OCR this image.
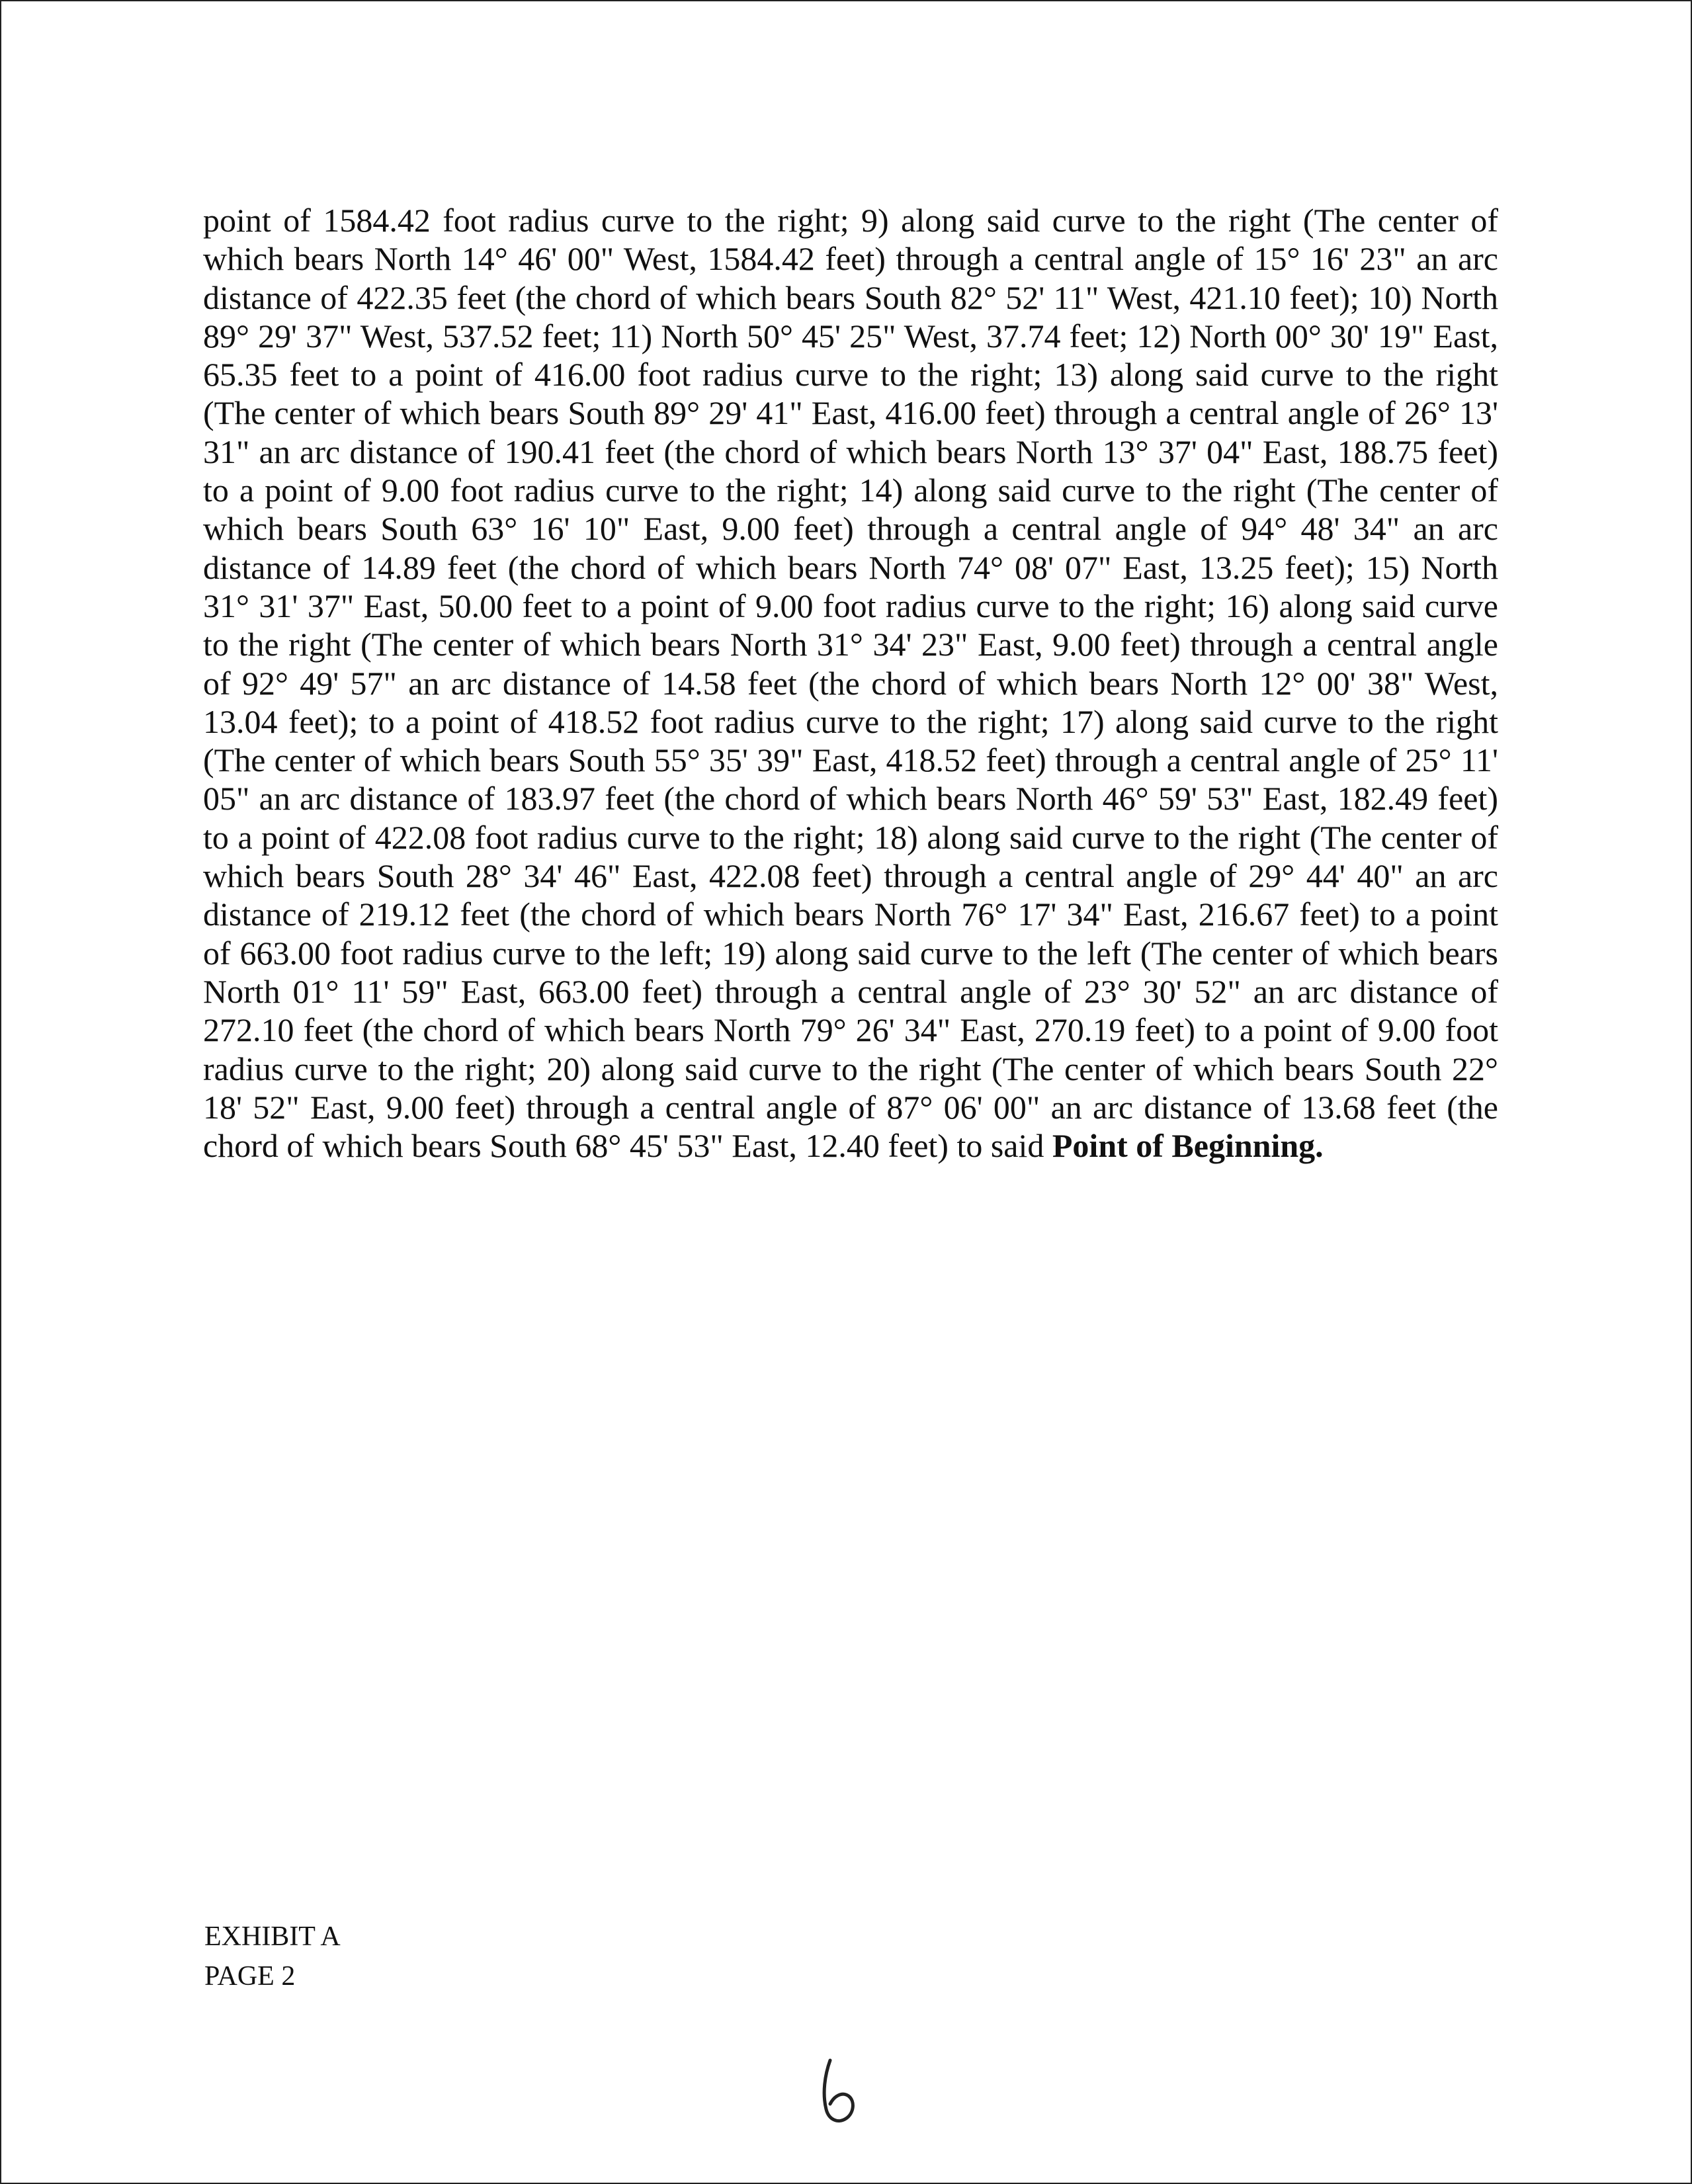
point of 1584.42 foot radius curve to the right; 9) along said curve to the right (The center of which bears North 14° 46' 00" West, 1584.42 feet) through a central angle of 15° 16' 23" an arc distance of 422.35 feet (the chord of which bears South 82° 52' 11" West, 421.10 feet); 10) North 89° 29' 37" West, 537.52 feet; 11) North 50° 45' 25" West, 37.74 feet; 12) North 00° 30' 19" East, 65.35 feet to a point of 416.00 foot radius curve to the right; 13) along said curve to the right (The center of which bears South 89° 29' 41" East, 416.00 feet) through a central angle of 26° 13' 31" an arc distance of 190.41 feet (the chord of which bears North 13° 37' 04" East, 188.75 feet) to a point of 9.00 foot radius curve to the right; 14) along said curve to the right (The center of which bears South 63° 16' 10" East, 9.00 feet) through a central angle of 94° 48' 34" an arc distance of 14.89 feet (the chord of which bears North 74° 08' 07" East, 13.25 feet); 15) North 31° 31' 37" East, 50.00 feet to a point of 9.00 foot radius curve to the right; 16) along said curve to the right (The center of which bears North 31° 34' 23" East, 9.00 feet) through a central angle of 92° 49' 57" an arc distance of 14.58 feet (the chord of which bears North 12° 00' 38" West, 13.04 feet); to a point of 418.52 foot radius curve to the right; 17) along said curve to the right (The center of which bears South 55° 35' 39" East, 418.52 feet) through a central angle of 25° 11' 05" an arc distance of 183.97 feet (the chord of which bears North 46° 59' 53" East, 182.49 feet) to a point of 422.08 foot radius curve to the right; 18) along said curve to the right (The center of which bears South 28° 34' 46" East, 422.08 feet) through a central angle of 29° 44' 40" an arc distance of 219.12 feet (the chord of which bears North 76° 17' 34" East, 216.67 feet) to a point of 663.00 foot radius curve to the left; 19) along said curve to the left (The center of which bears North 01° 11' 59" East, 663.00 feet) through a central angle of 23° 30' 52" an arc distance of 272.10 feet (the chord of which bears North 79° 26' 34" East, 270.19 feet) to a point of 9.00 foot radius curve to the right; 20) along said curve to the right (The center of which bears South 22° 18' 52" East, 9.00 feet) through a central angle of 87° 06' 00" an arc distance of 13.68 feet (the chord of which bears South 68° 45' 53" East, 12.40 feet) to said Point of Beginning.

EXHIBIT A
PAGE 2
